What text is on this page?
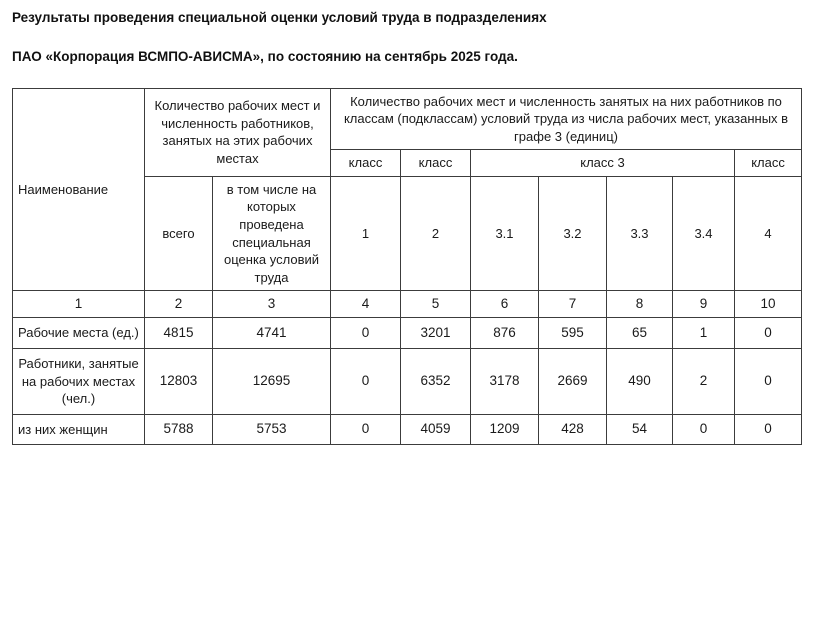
Результаты проведения специальной оценки условий труда в подразделениях

ПАО «Корпорация ВСМПО-АВИСМА», по состоянию на сентябрь 2025 года.

Наименование	Количество рабочих мест и численность работников, занятых на этих рабочих местах		Количество рабочих мест и численность занятых на них работников по классам (подклассам) условий труда из числа рабочих мест, указанных в графе 3 (единиц)						
			класс	класс	класс 3				класс
	всего	в том числе на которых проведена специальная оценка условий труда	1	2	3.1	3.2	3.3	3.4	4
1	2	3	4	5	6	7	8	9	10
Рабочие места (ед.)	4815	4741	0	3201	876	595	65	1	0
Работники, занятые на рабочих местах (чел.)	12803	12695	0	6352	3178	2669	490	2	0
из них женщин	5788	5753	0	4059	1209	428	54	0	0
